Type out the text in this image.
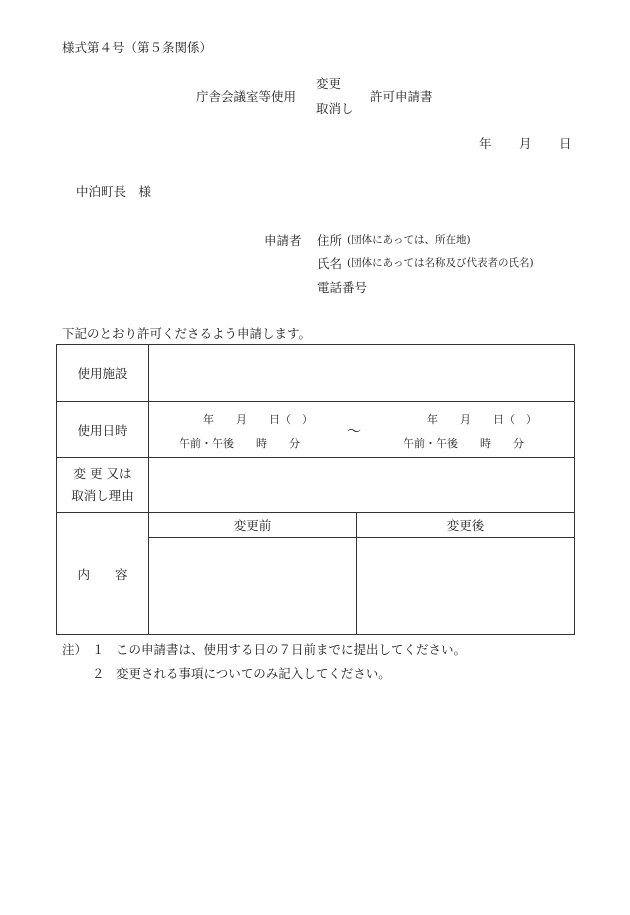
様式第４号（第５条関係）
庁舎会議室等使用
変更
取消し
許可申請書
年 月 日
中泊町長　様
申請者 住所 (団体にあっては、所在地)
氏名 (団体にあっては名称及び代表者の氏名)
電話番号
下記のとおり許可くださるよう申請します。
使用施設		
使用日時	年　　月　　日（　）
午前・午後　　時　　分
～
年　　月　　日（　）
午前・午後　　時　　分	

変 更 又は
取消し理由		

内　　容	変更前	変更後

注） １ この申請書は、使用する日の７日前までに提出してください。
２ 変更される事項についてのみ記入してください。
